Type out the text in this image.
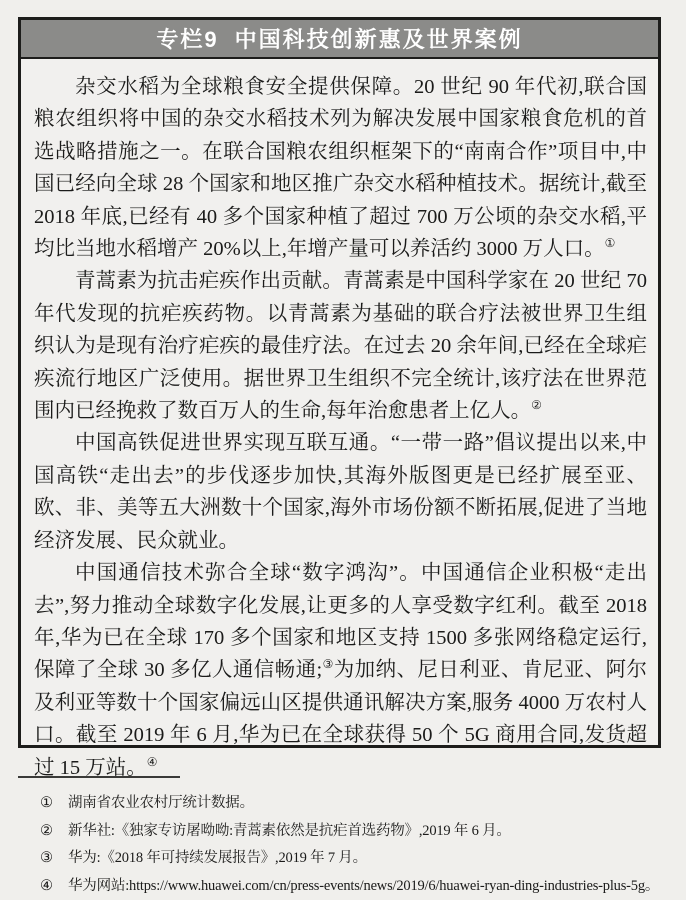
专栏9 中国科技创新惠及世界案例

杂交水稻为全球粮食安全提供保障。20 世纪 90 年代初,联合国粮农组织将中国的杂交水稻技术列为解决发展中国家粮食危机的首选战略措施之一。在联合国粮农组织框架下的“南南合作”项目中,中国已经向全球 28 个国家和地区推广杂交水稻种植技术。据统计,截至 2018 年底,已经有 40 多个国家种植了超过 700 万公顷的杂交水稻,平均比当地水稻增产 20%以上,年增产量可以养活约 3000 万人口。①

青蒿素为抗击疟疾作出贡献。青蒿素是中国科学家在 20 世纪 70 年代发现的抗疟疾药物。以青蒿素为基础的联合疗法被世界卫生组织认为是现有治疗疟疾的最佳疗法。在过去 20 余年间,已经在全球疟疾流行地区广泛使用。据世界卫生组织不完全统计,该疗法在世界范围内已经挽救了数百万人的生命,每年治愈患者上亿人。②

中国高铁促进世界实现互联互通。“一带一路”倡议提出以来,中国高铁“走出去”的步伐逐步加快,其海外版图更是已经扩展至亚、欧、非、美等五大洲数十个国家,海外市场份额不断拓展,促进了当地经济发展、民众就业。

中国通信技术弥合全球“数字鸿沟”。中国通信企业积极“走出去”,努力推动全球数字化发展,让更多的人享受数字红利。截至 2018 年,华为已在全球 170 多个国家和地区支持 1500 多张网络稳定运行,保障了全球 30 多亿人通信畅通;③为加纳、尼日利亚、肯尼亚、阿尔及利亚等数十个国家偏远山区提供通讯解决方案,服务 4000 万农村人口。截至 2019 年 6 月,华为已在全球获得 50 个 5G 商用合同,发货超过 15 万站。④

① 湖南省农业农村厅统计数据。
② 新华社:《独家专访屠呦呦:青蒿素依然是抗疟首选药物》,2019 年 6 月。
③ 华为:《2018 年可持续发展报告》,2019 年 7 月。
④ 华为网站:https://www.huawei.com/cn/press-events/news/2019/6/huawei-ryan-ding-industries-plus-5g。
